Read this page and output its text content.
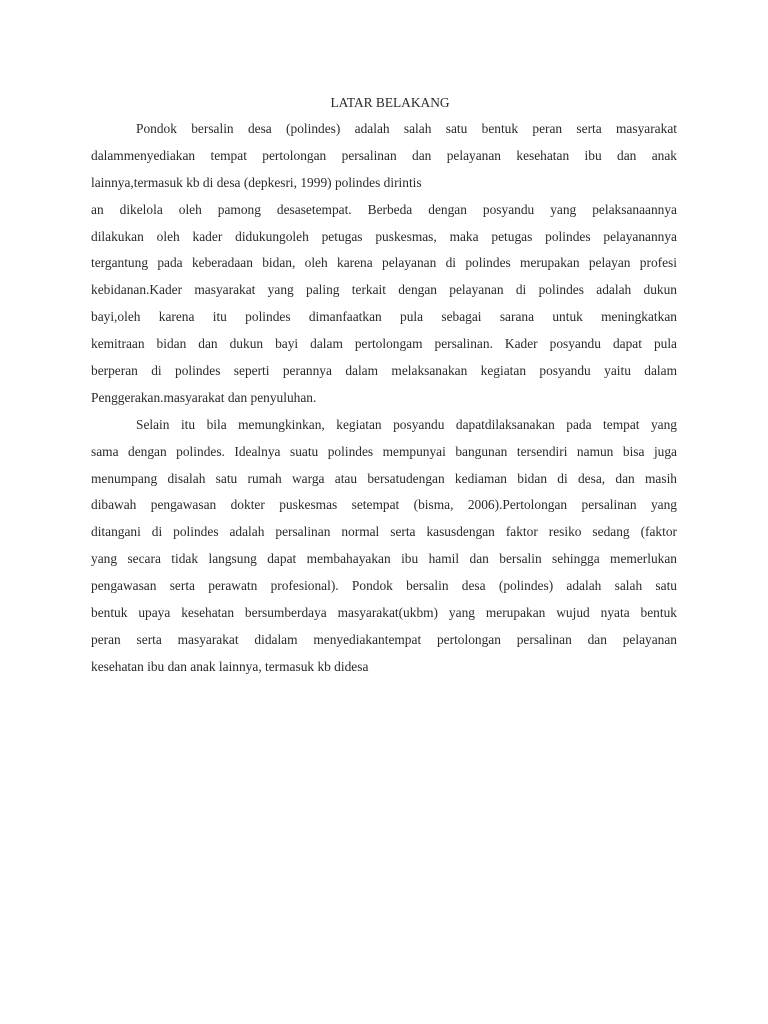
LATAR BELAKANG
Pondok bersalin desa (polindes) adalah salah satu bentuk peran serta masyarakat
dalammenyediakan tempat pertolongan persalinan dan pelayanan kesehatan ibu dan anak
lainnya,termasuk kb di desa (depkesri, 1999) polindes dirintis
an dikelola oleh pamong desasetempat. Berbeda dengan posyandu yang pelaksanaannya
dilakukan oleh kader didukungoleh petugas puskesmas, maka petugas polindes pelayanannya
tergantung pada keberadaan bidan, oleh karena pelayanan di polindes merupakan pelayan profesi
kebidanan.Kader masyarakat yang paling terkait dengan pelayanan di polindes adalah dukun
bayi,oleh karena itu polindes dimanfaatkan pula sebagai sarana untuk meningkatkan
kemitraan bidan dan dukun bayi dalam pertolongam persalinan. Kader posyandu dapat pula
berperan di polindes seperti perannya dalam melaksanakan kegiatan posyandu yaitu dalam
Penggerakan.masyarakat dan penyuluhan.
Selain itu bila memungkinkan, kegiatan posyandu dapatdilaksanakan pada tempat yang
sama dengan polindes. Idealnya suatu polindes mempunyai bangunan tersendiri namun bisa juga
menumpang disalah satu rumah warga atau bersatudengan kediaman bidan di desa, dan masih
dibawah pengawasan dokter puskesmas setempat (bisma, 2006).Pertolongan persalinan yang
ditangani di polindes adalah persalinan normal serta kasusdengan faktor resiko sedang (faktor
yang secara tidak langsung dapat membahayakan ibu hamil dan bersalin sehingga memerlukan
pengawasan serta perawatn profesional). Pondok bersalin desa (polindes) adalah salah satu
bentuk upaya kesehatan bersumberdaya masyarakat(ukbm) yang merupakan wujud nyata bentuk
peran serta masyarakat didalam menyediakantempat pertolongan persalinan dan pelayanan
kesehatan ibu dan anak lainnya, termasuk kb didesa
